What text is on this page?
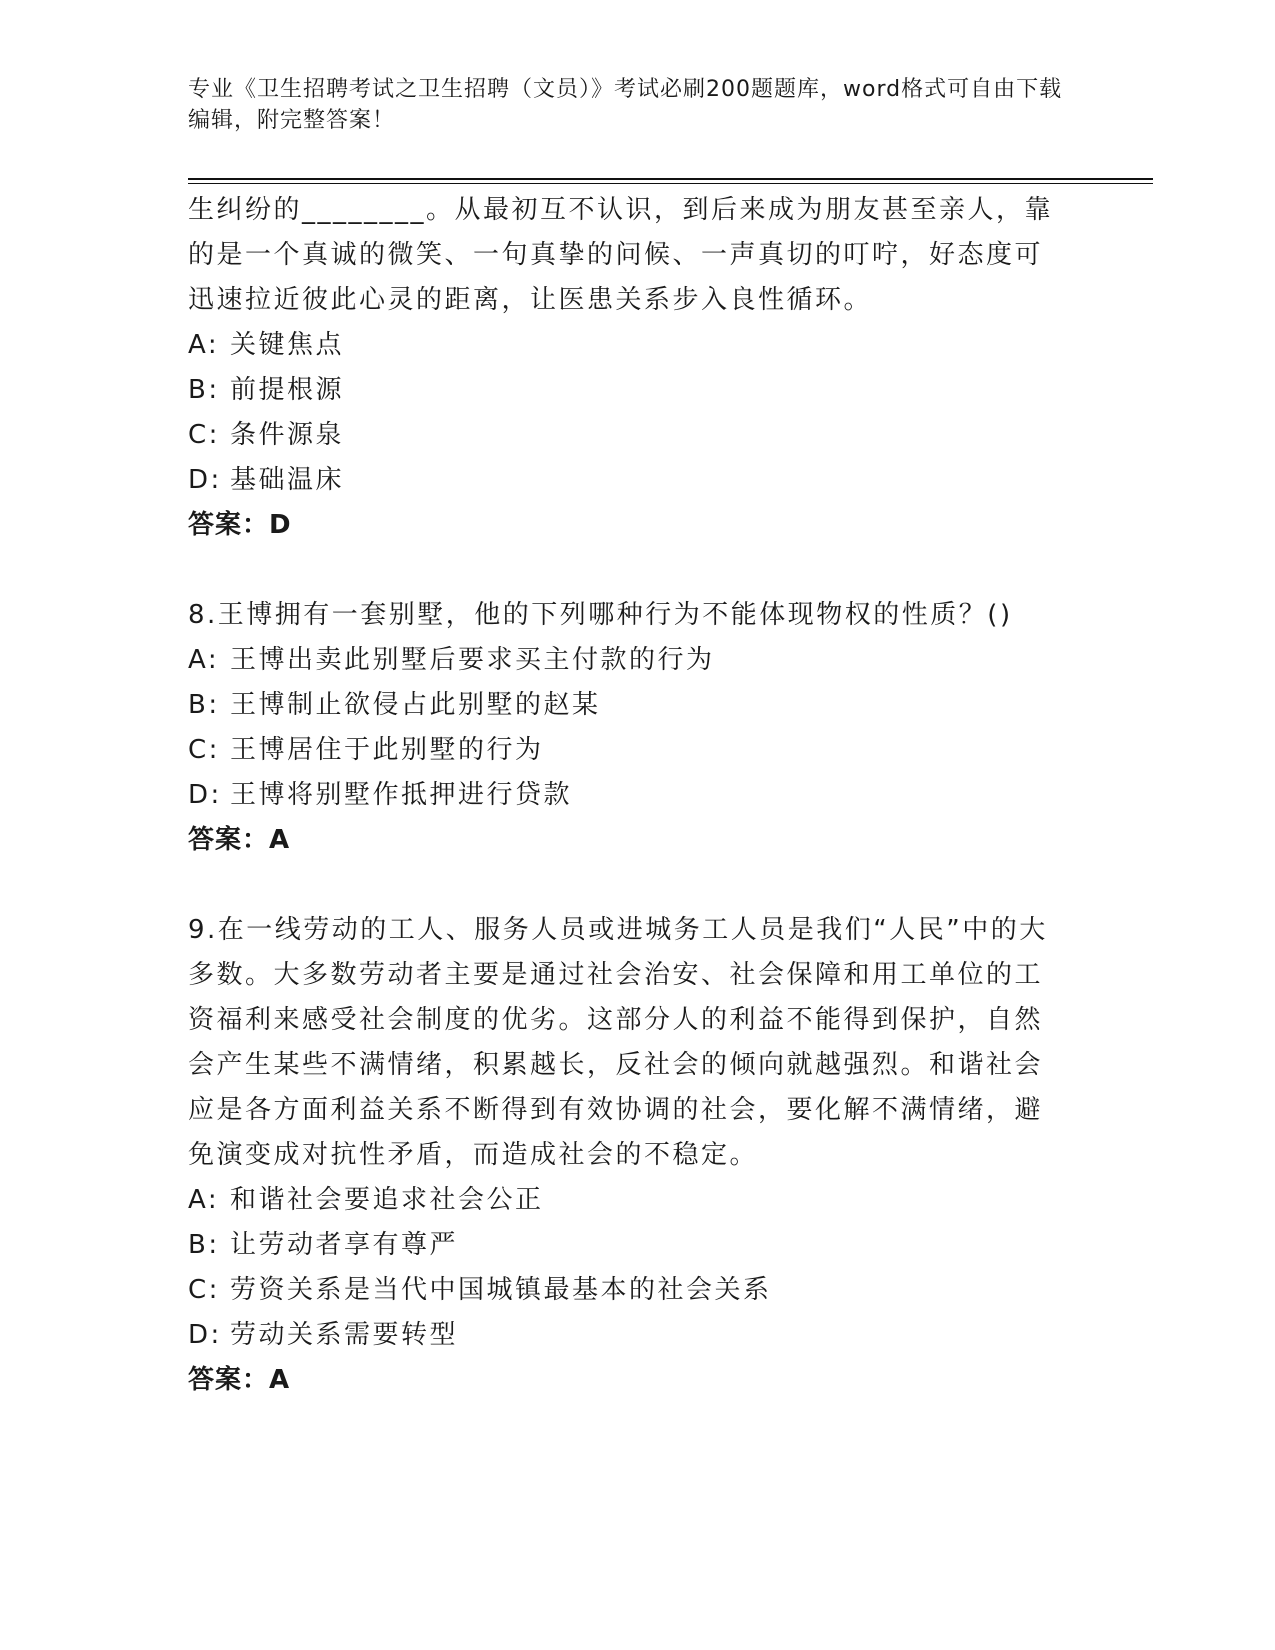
专业《卫生招聘考试之卫生招聘（文员）》考试必刷200题题库，word格式可自由下载编辑，附完整答案！

生纠纷的________。从最初互不认识，到后来成为朋友甚至亲人，靠的是一个真诚的微笑、一句真挚的问候、一声真切的叮咛，好态度可迅速拉近彼此心灵的距离，让医患关系步入良性循环。

A: 关键焦点
B: 前提根源
C: 条件源泉
D: 基础温床
答案：D

8.王博拥有一套别墅，他的下列哪种行为不能体现物权的性质？()

A: 王博出卖此别墅后要求买主付款的行为
B: 王博制止欲侵占此别墅的赵某
C: 王博居住于此别墅的行为
D: 王博将别墅作抵押进行贷款
答案：A

9.在一线劳动的工人、服务人员或进城务工人员是我们“人民”中的大多数。大多数劳动者主要是通过社会治安、社会保障和用工单位的工资福利来感受社会制度的优劣。这部分人的利益不能得到保护，自然会产生某些不满情绪，积累越长，反社会的倾向就越强烈。和谐社会应是各方面利益关系不断得到有效协调的社会，要化解不满情绪，避免演变成对抗性矛盾，而造成社会的不稳定。

A: 和谐社会要追求社会公正
B: 让劳动者享有尊严
C: 劳资关系是当代中国城镇最基本的社会关系
D: 劳动关系需要转型
答案：A
